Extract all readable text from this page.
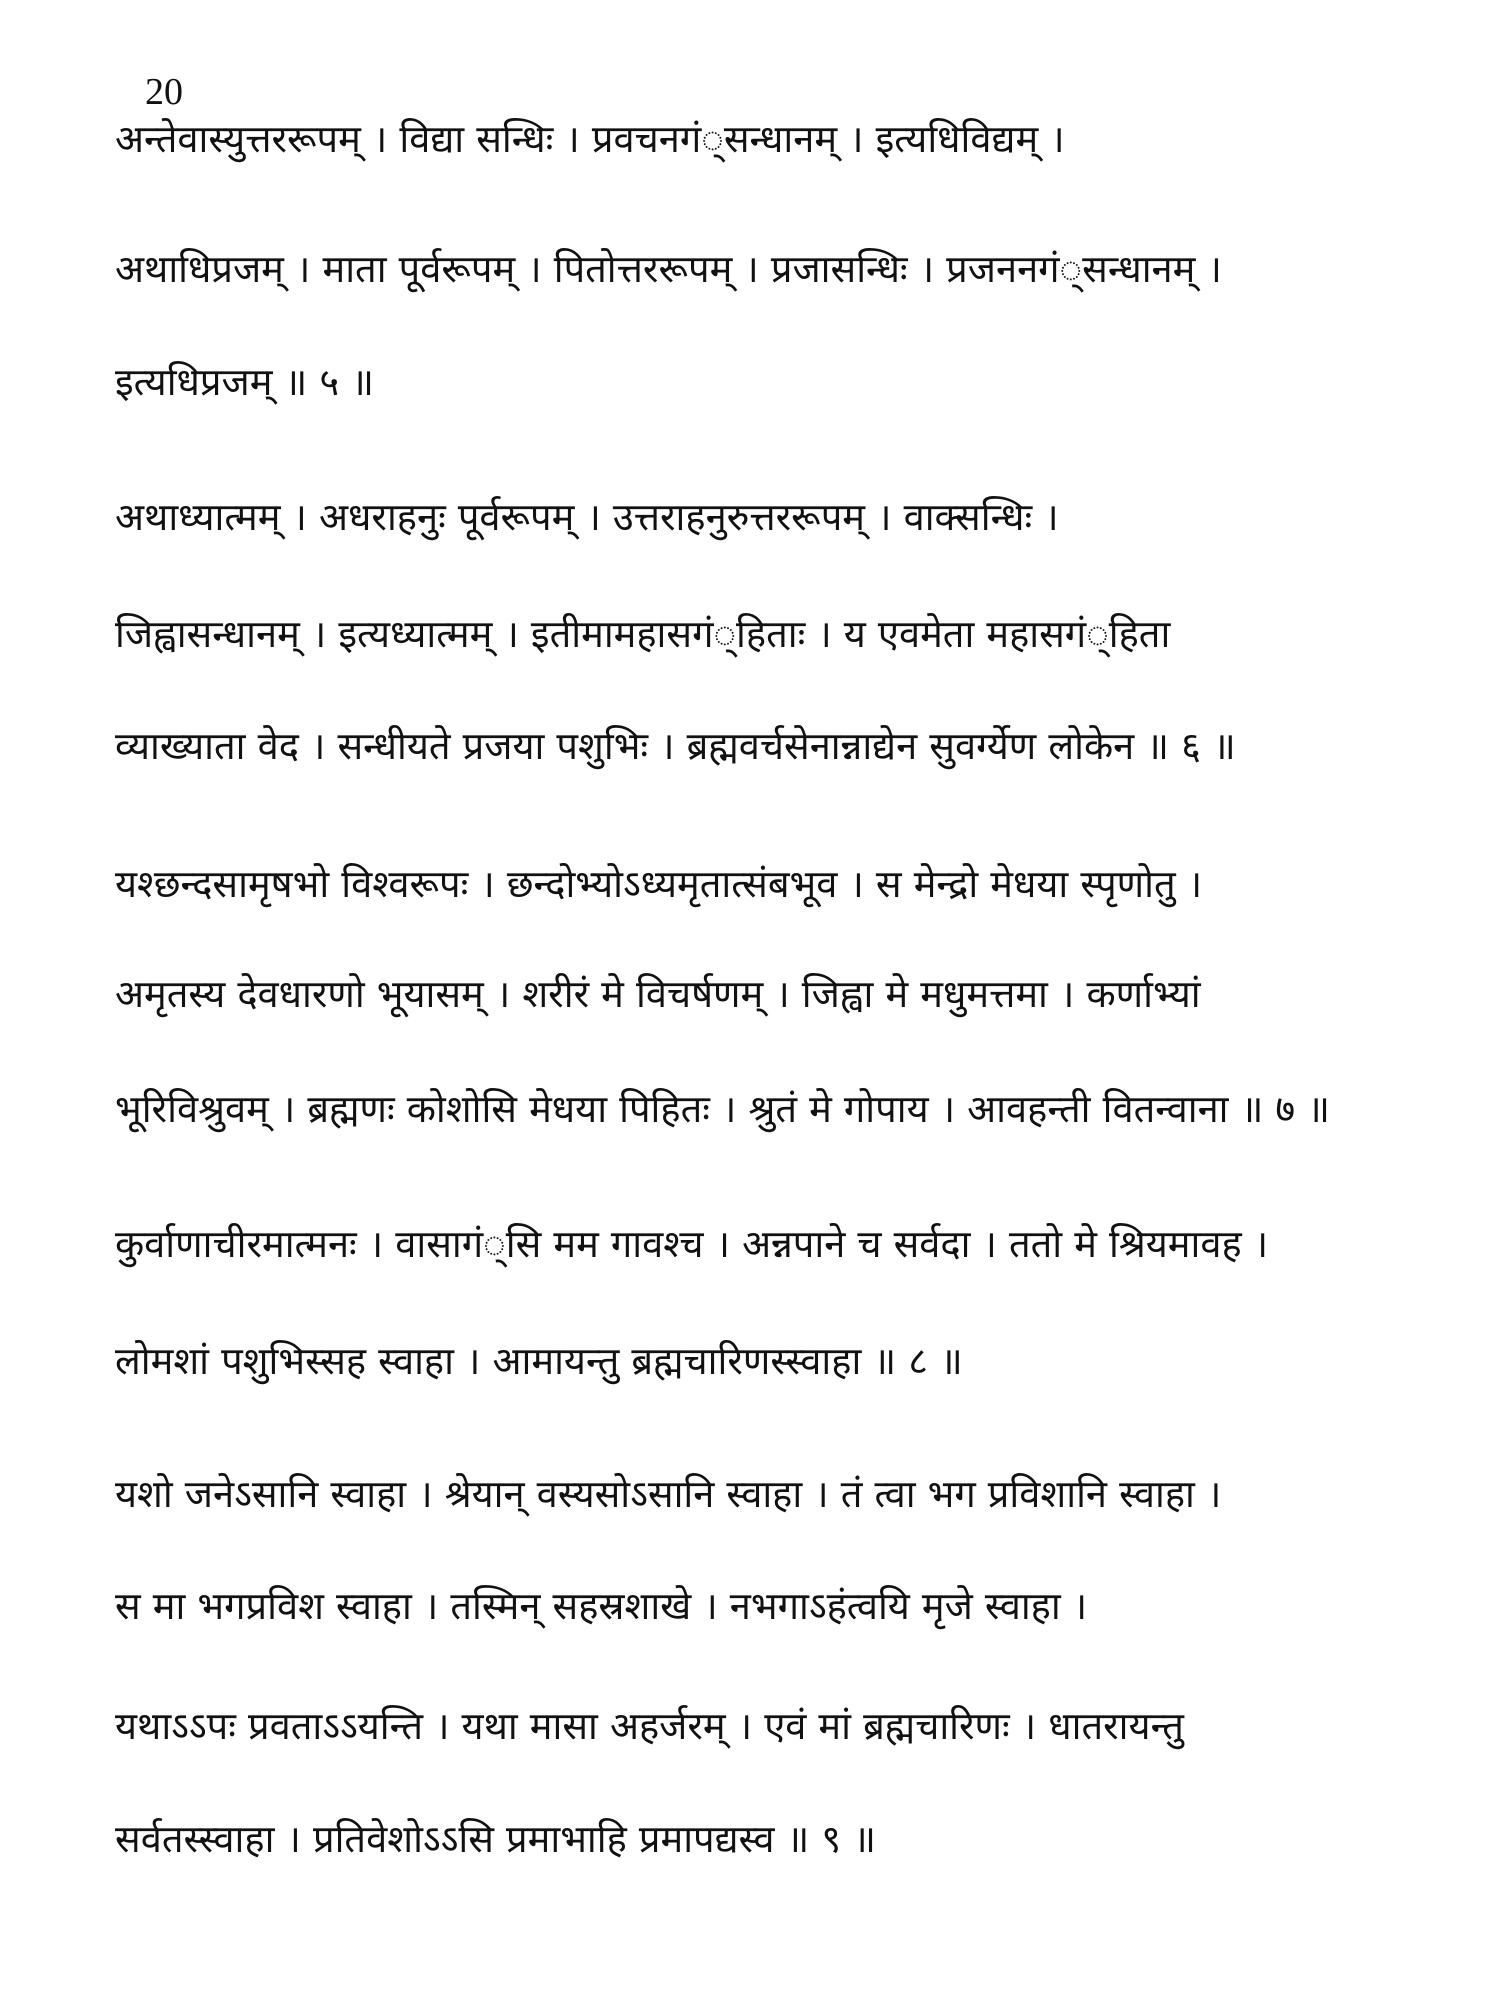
20
अन्तेवास्युत्तररूपम् । विद्या सन्धिः । प्रवचनगं्सन्धानम् । इत्यधिविद्यम् ।
अथाधिप्रजम् । माता पूर्वरूपम् । पितोत्तररूपम् । प्रजासन्धिः । प्रजननगं्सन्धानम् ।
इत्यधिप्रजम् ॥ ५ ॥
अथाध्यात्मम् । अधराहनुः पूर्वरूपम् । उत्तराहनुरुत्तररूपम् । वाक्सन्धिः ।
जिह्वासन्धानम् । इत्यध्यात्मम् । इतीमामहासगं्हिताः । य एवमेता महासगं्हिता
व्याख्याता वेद । सन्धीयते प्रजया पशुभिः । ब्रह्मवर्चसेनान्नाद्येन सुवर्ग्येण लोकेन ॥ ६ ॥
यश्छन्दसामृषभो विश्वरूपः । छन्दोभ्योऽध्यमृतात्संबभूव । स मेन्द्रो मेधया स्पृणोतु ।
अमृतस्य देवधारणो भूयासम् । शरीरं मे विचर्षणम् । जिह्वा मे मधुमत्तमा । कर्णाभ्यां
भूरिविश्रुवम् । ब्रह्मणः कोशोसि मेधया पिहितः । श्रुतं मे गोपाय । आवहन्ती वितन्वाना ॥ ७ ॥
कुर्वाणाचीरमात्मनः । वासागं्सि मम गावश्च । अन्नपाने च सर्वदा । ततो मे श्रियमावह ।
लोमशां पशुभिस्सह स्वाहा । आमायन्तु ब्रह्मचारिणस्स्वाहा ॥ ८ ॥
यशो जनेऽसानि स्वाहा । श्रेयान् वस्यसोऽसानि स्वाहा । तं त्वा भग प्रविशानि स्वाहा ।
स मा भगप्रविश स्वाहा । तस्मिन् सहस्रशाखे । नभगाऽहंत्वयि मृजे स्वाहा ।
यथाऽऽपः प्रवताऽऽयन्ति । यथा मासा अहर्जरम् । एवं मां ब्रह्मचारिणः । धातरायन्तु
सर्वतस्स्वाहा । प्रतिवेशोऽऽसि प्रमाभाहि प्रमापद्यस्व ॥ ९ ॥
